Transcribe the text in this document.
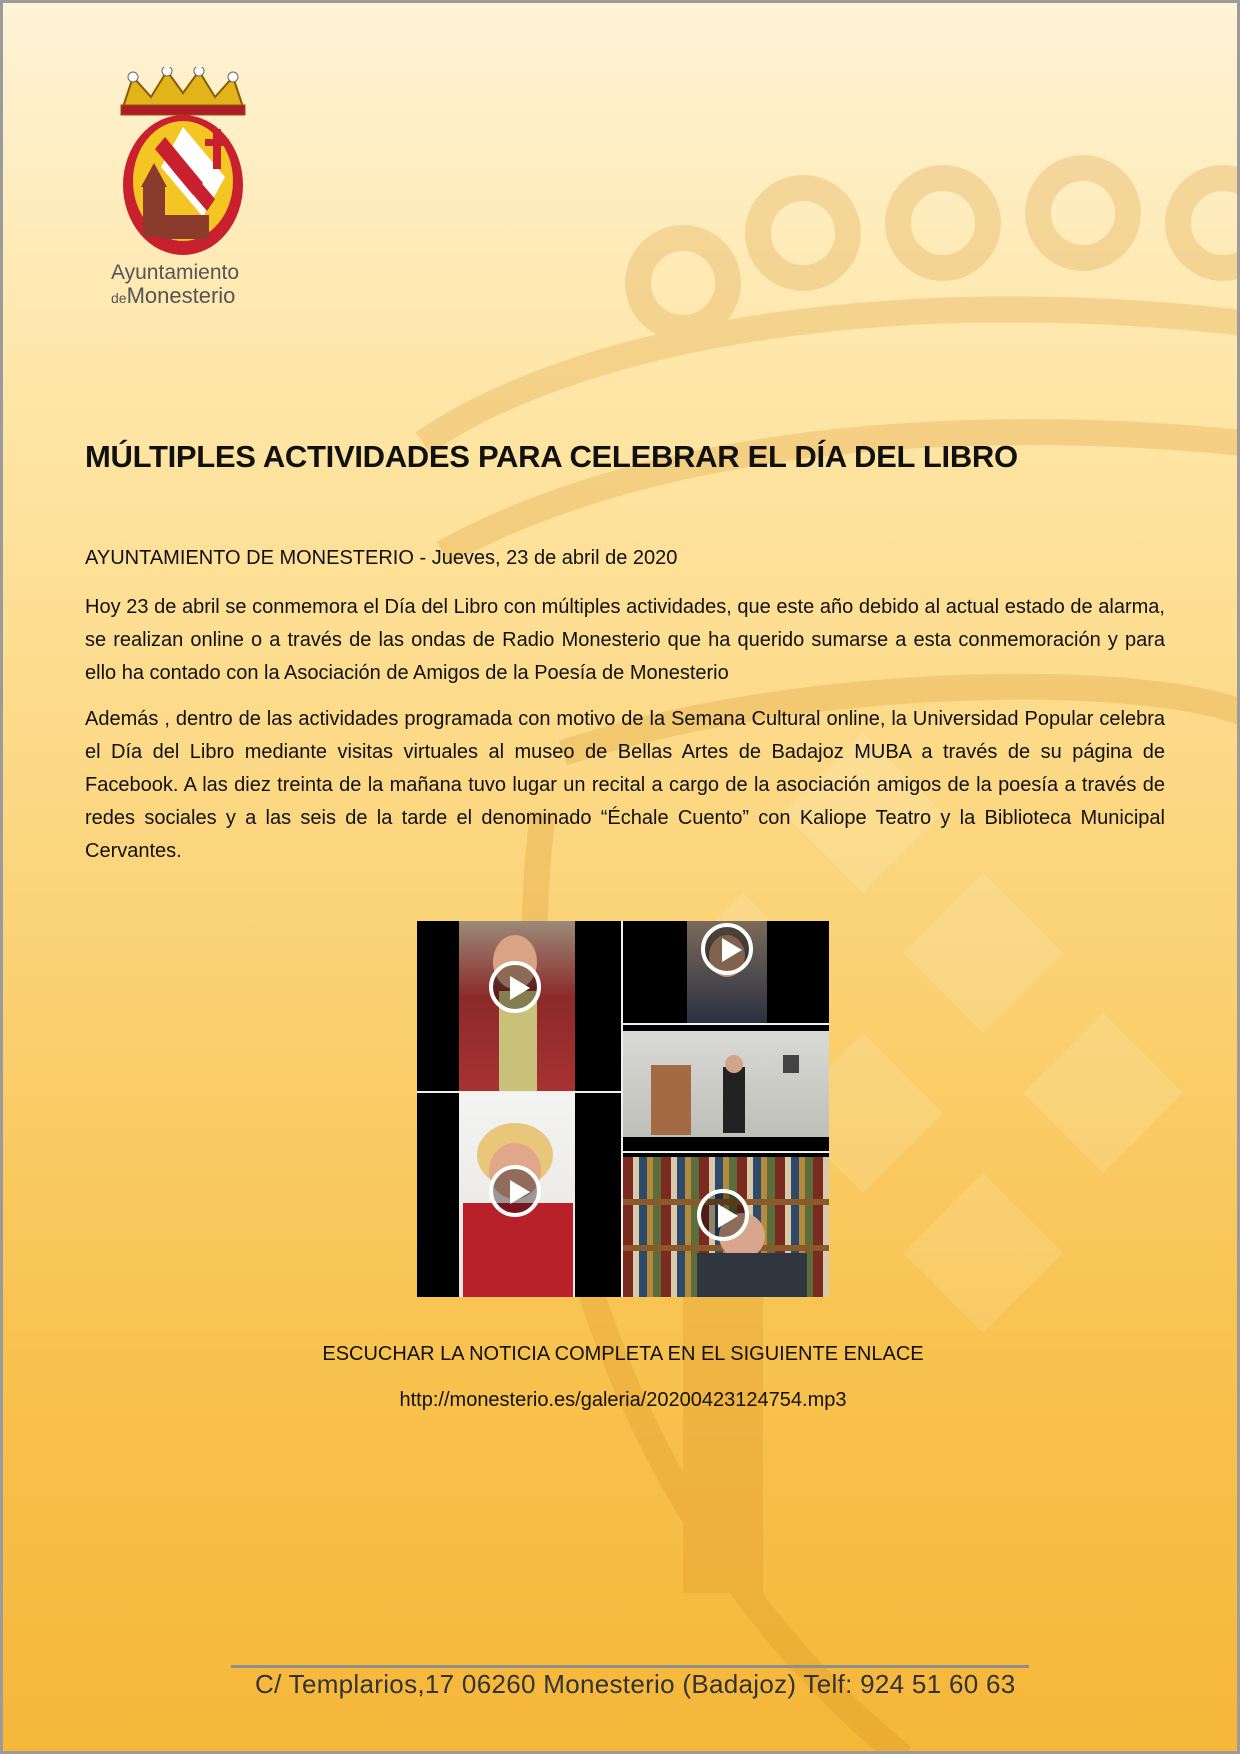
Ayuntamiento
deMonesterio
MÚLTIPLES ACTIVIDADES PARA CELEBRAR EL DÍA DEL LIBRO
AYUNTAMIENTO DE MONESTERIO - Jueves, 23 de abril de 2020

Hoy 23 de abril se conmemora el Día del Libro con múltiples actividades, que este año debido al actual estado de alarma, se realizan online o a través de las ondas de Radio Monesterio que ha querido sumarse a esta conmemoración y para ello ha contado con la Asociación de Amigos de la Poesía de Monesterio

Además , dentro de las actividades programada con motivo de la Semana Cultural online, la Universidad Popular celebra el Día del Libro mediante visitas virtuales al museo de Bellas Artes de Badajoz MUBA a través de su página de Facebook. A las diez treinta de la mañana tuvo lugar un recital a cargo de la asociación amigos de la poesía a través de redes sociales y a las seis de la tarde el denominado “Échale Cuento” con Kaliope Teatro y la Biblioteca Municipal Cervantes.

ESCUCHAR LA NOTICIA COMPLETA EN EL SIGUIENTE ENLACE
http://monesterio.es/galeria/20200423124754.mp3
C/ Templarios,17 06260 Monesterio (Badajoz) Telf: 924 51 60 63
